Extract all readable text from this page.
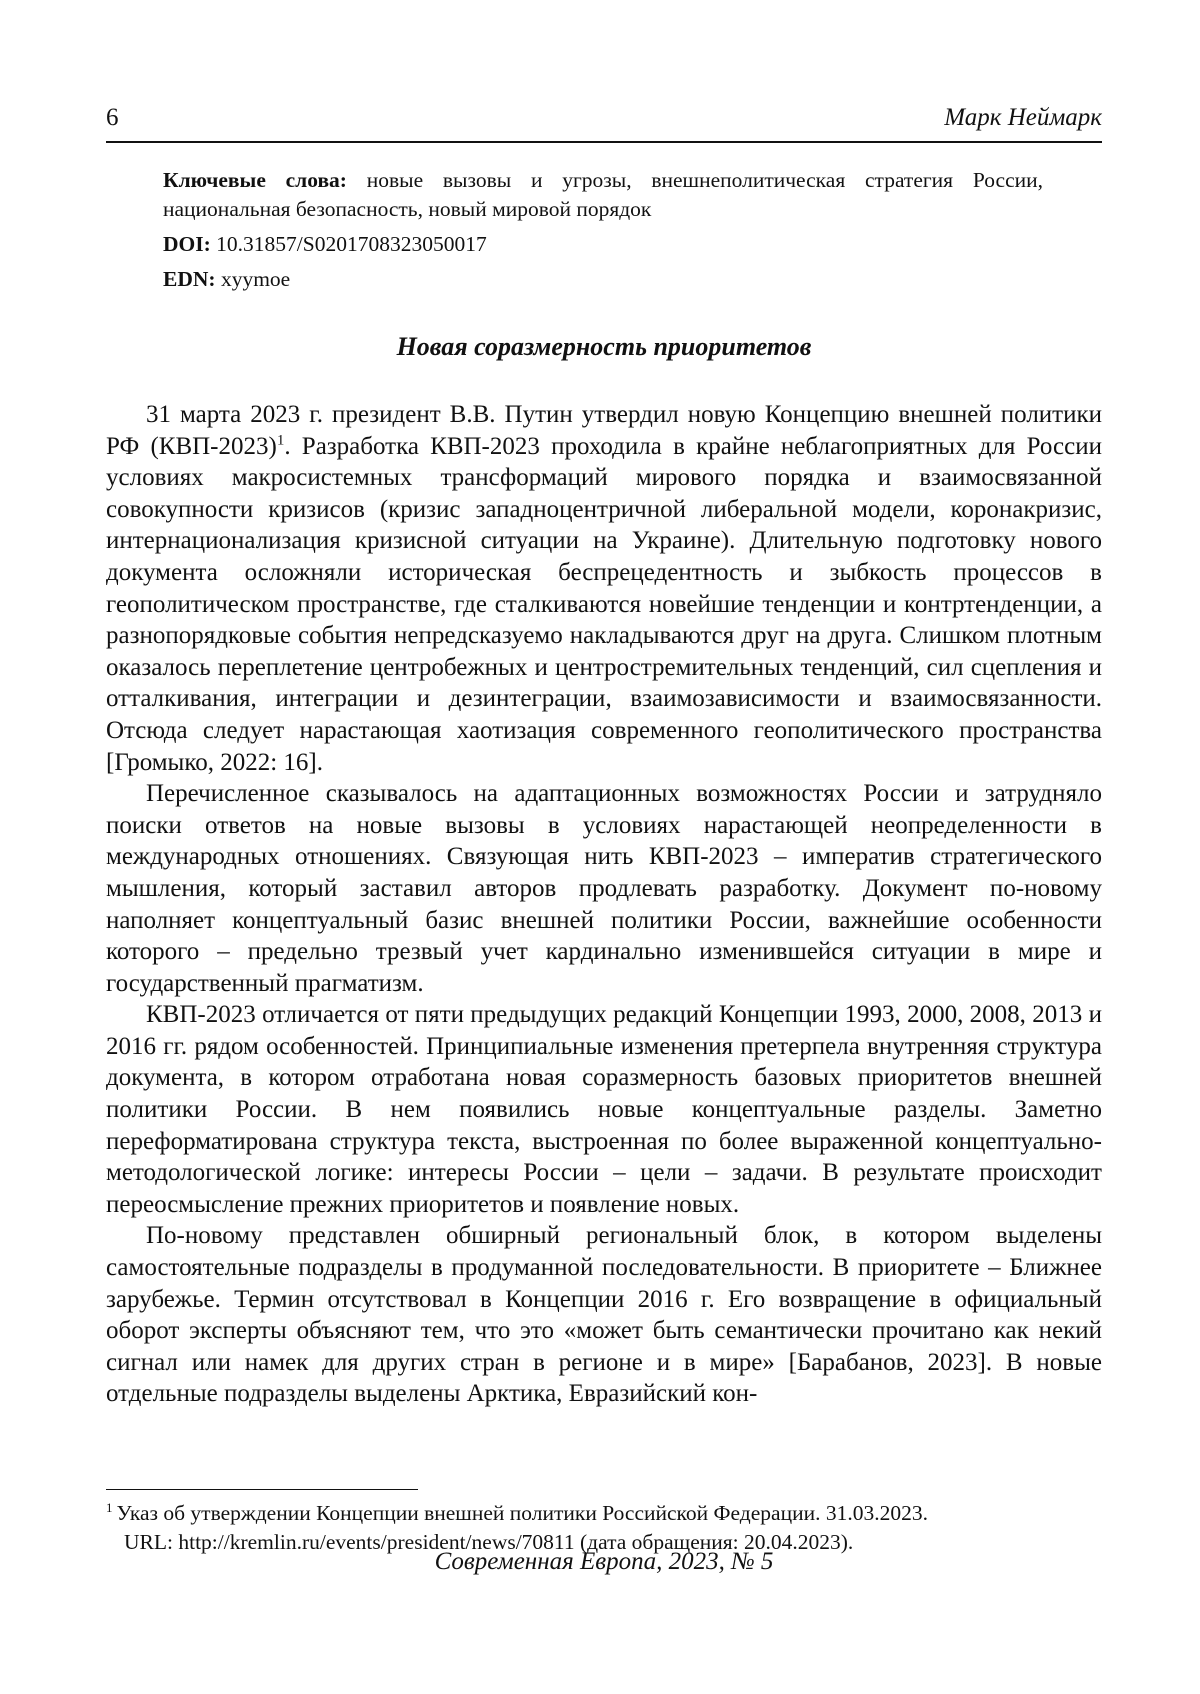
6	Марк Неймарк
Ключевые слова: новые вызовы и угрозы, внешнеполитическая стратегия России, национальная безопасность, новый мировой порядок
DOI: 10.31857/S0201708323050017
EDN: xyymoe
Новая соразмерность приоритетов

31 марта 2023 г. президент В.В. Путин утвердил новую Концепцию внешней политики РФ (КВП-2023)$^1$. Разработка КВП-2023 проходила в крайне неблагоприятных для России условиях макросистемных трансформаций мирового порядка и взаимосвязанной совокупности кризисов (кризис западноцентричной либеральной модели, коронакризис, интернационализация кризисной ситуации на Украине). Длительную подготовку нового документа осложняли историческая беспрецедентность и зыбкость процессов в геополитическом пространстве, где сталкиваются новейшие тенденции и контртенденции, а разнопорядковые события непредсказуемо накладываются друг на друга. Слишком плотным оказалось переплетение центробежных и центростремительных тенденций, сил сцепления и отталкивания, интеграции и дезинтеграции, взаимозависимости и взаимосвязанности. Отсюда следует нарастающая хаотизация современного геополитического пространства [Громыко, 2022: 16].

Перечисленное сказывалось на адаптационных возможностях России и затрудняло поиски ответов на новые вызовы в условиях нарастающей неопределенности в международных отношениях. Связующая нить КВП-2023 – императив стратегического мышления, который заставил авторов продлевать разработку. Документ по-новому наполняет концептуальный базис внешней политики России, важнейшие особенности которого – предельно трезвый учет кардинально изменившейся ситуации в мире и государственный прагматизм.

КВП-2023 отличается от пяти предыдущих редакций Концепции 1993, 2000, 2008, 2013 и 2016 гг. рядом особенностей. Принципиальные изменения претерпела внутренняя структура документа, в котором отработана новая соразмерность базовых приоритетов внешней политики России. В нем появились новые концептуальные разделы. Заметно переформатирована структура текста, выстроенная по более выраженной концептуально-методологической логике: интересы России – цели – задачи. В результате происходит переосмысление прежних приоритетов и появление новых.

По-новому представлен обширный региональный блок, в котором выделены самостоятельные подразделы в продуманной последовательности. В приоритете – Ближнее зарубежье. Термин отсутствовал в Концепции 2016 г. Его возвращение в официальный оборот эксперты объясняют тем, что это «может быть семантически прочитано как некий сигнал или намек для других стран в регионе и в мире» [Барабанов, 2023]. В новые отдельные подразделы выделены Арктика, Евразийский кон-

$^1$ Указ об утверждении Концепции внешней политики Российской Федерации. 31.03.2023.
URL: http://kremlin.ru/events/president/news/70811 (дата обращения: 20.04.2023).
Современная Европа, 2023, № 5
